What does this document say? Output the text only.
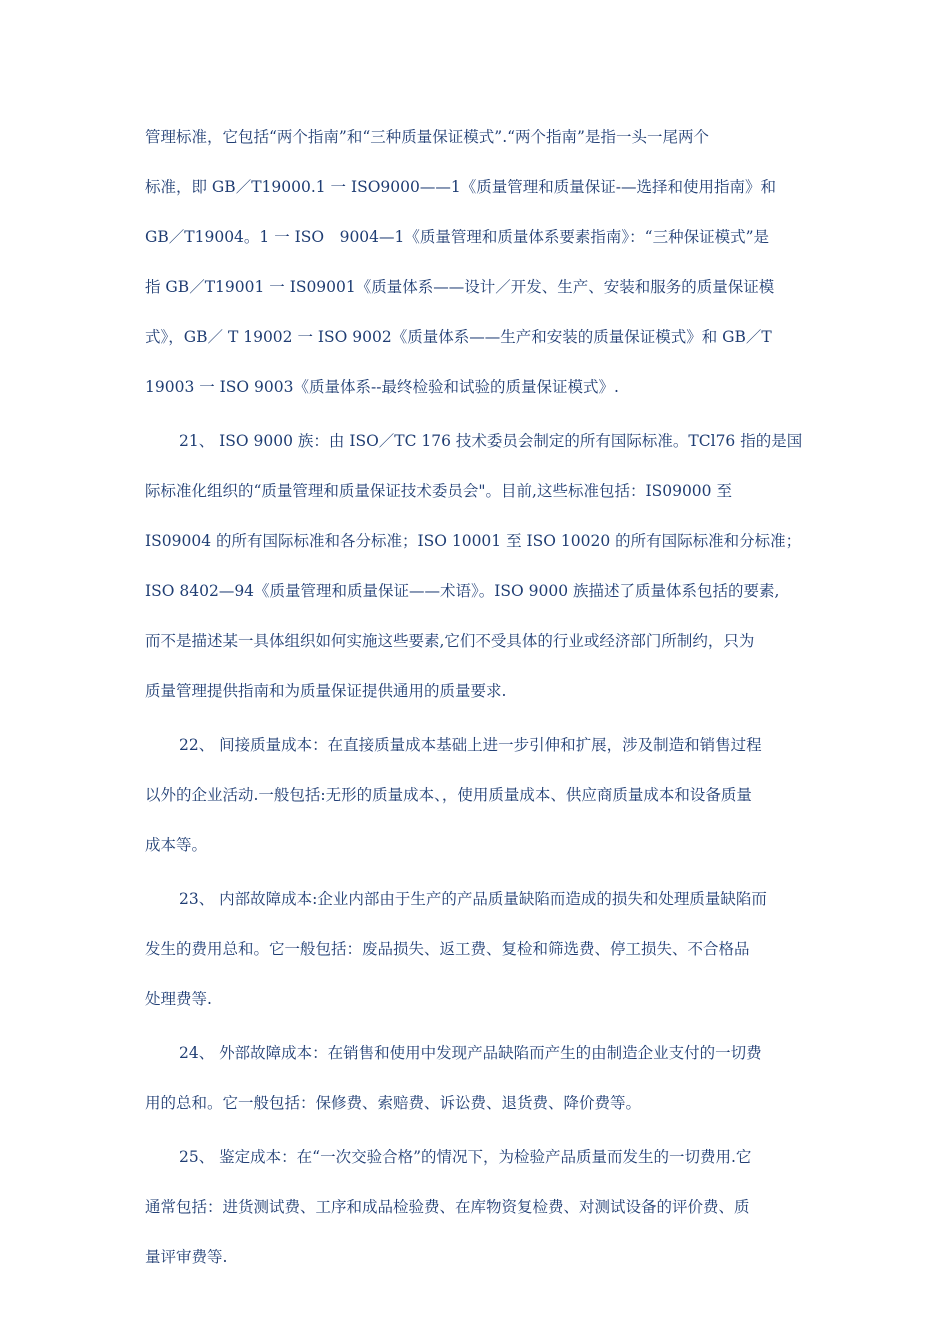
管理标准，它包括“两个指南”和“三种质量保证模式”.“两个指南”是指一头一尾两个
标准，即 GB／T19000.1 一 ISO9000——1《质量管理和质量保证-—选择和使用指南》和
GB／T19004。1 一 ISO　9004—1《质量管理和质量体系要素指南》：“三种保证模式”是
指 GB／T19001 一 IS09001《质量体系——设计／开发、生产、安装和服务的质量保证模
式》，GB／ T 19002 一 ISO 9002《质量体系——生产和安装的质量保证模式》和 GB／T
19003 一 ISO 9003《质量体系--最终检验和试验的质量保证模式》.
21、 ISO 9000 族：由 ISO／TC 176 技术委员会制定的所有国际标准。TCl76 指的是国
际标准化组织的“质量管理和质量保证技术委员会"。目前,这些标准包括：IS09000 至
IS09004 的所有国际标准和各分标准；ISO 10001 至 ISO 10020 的所有国际标准和分标准；
ISO 8402—94《质量管理和质量保证——术语》。ISO 9000 族描述了质量体系包括的要素,
而不是描述某一具体组织如何实施这些要素,它们不受具体的行业或经济部门所制约，只为
质量管理提供指南和为质量保证提供通用的质量要求.
22、 间接质量成本：在直接质量成本基础上进一步引伸和扩展，涉及制造和销售过程
以外的企业活动.一般包括:无形的质量成本、，使用质量成本、供应商质量成本和设备质量
成本等。
23、 内部故障成本:企业内部由于生产的产品质量缺陷而造成的损失和处理质量缺陷而
发生的费用总和。它一般包括：废品损失、返工费、复检和筛选费、停工损失、不合格品
处理费等.
24、 外部故障成本：在销售和使用中发现产品缺陷而产生的由制造企业支付的一切费
用的总和。它一般包括：保修费、索赔费、诉讼费、退货费、降价费等。
25、 鉴定成本：在“一次交验合格”的情况下，为检验产品质量而发生的一切费用.它
通常包括：进货测试费、工序和成品检验费、在库物资复检费、对测试设备的评价费、质
量评审费等.
